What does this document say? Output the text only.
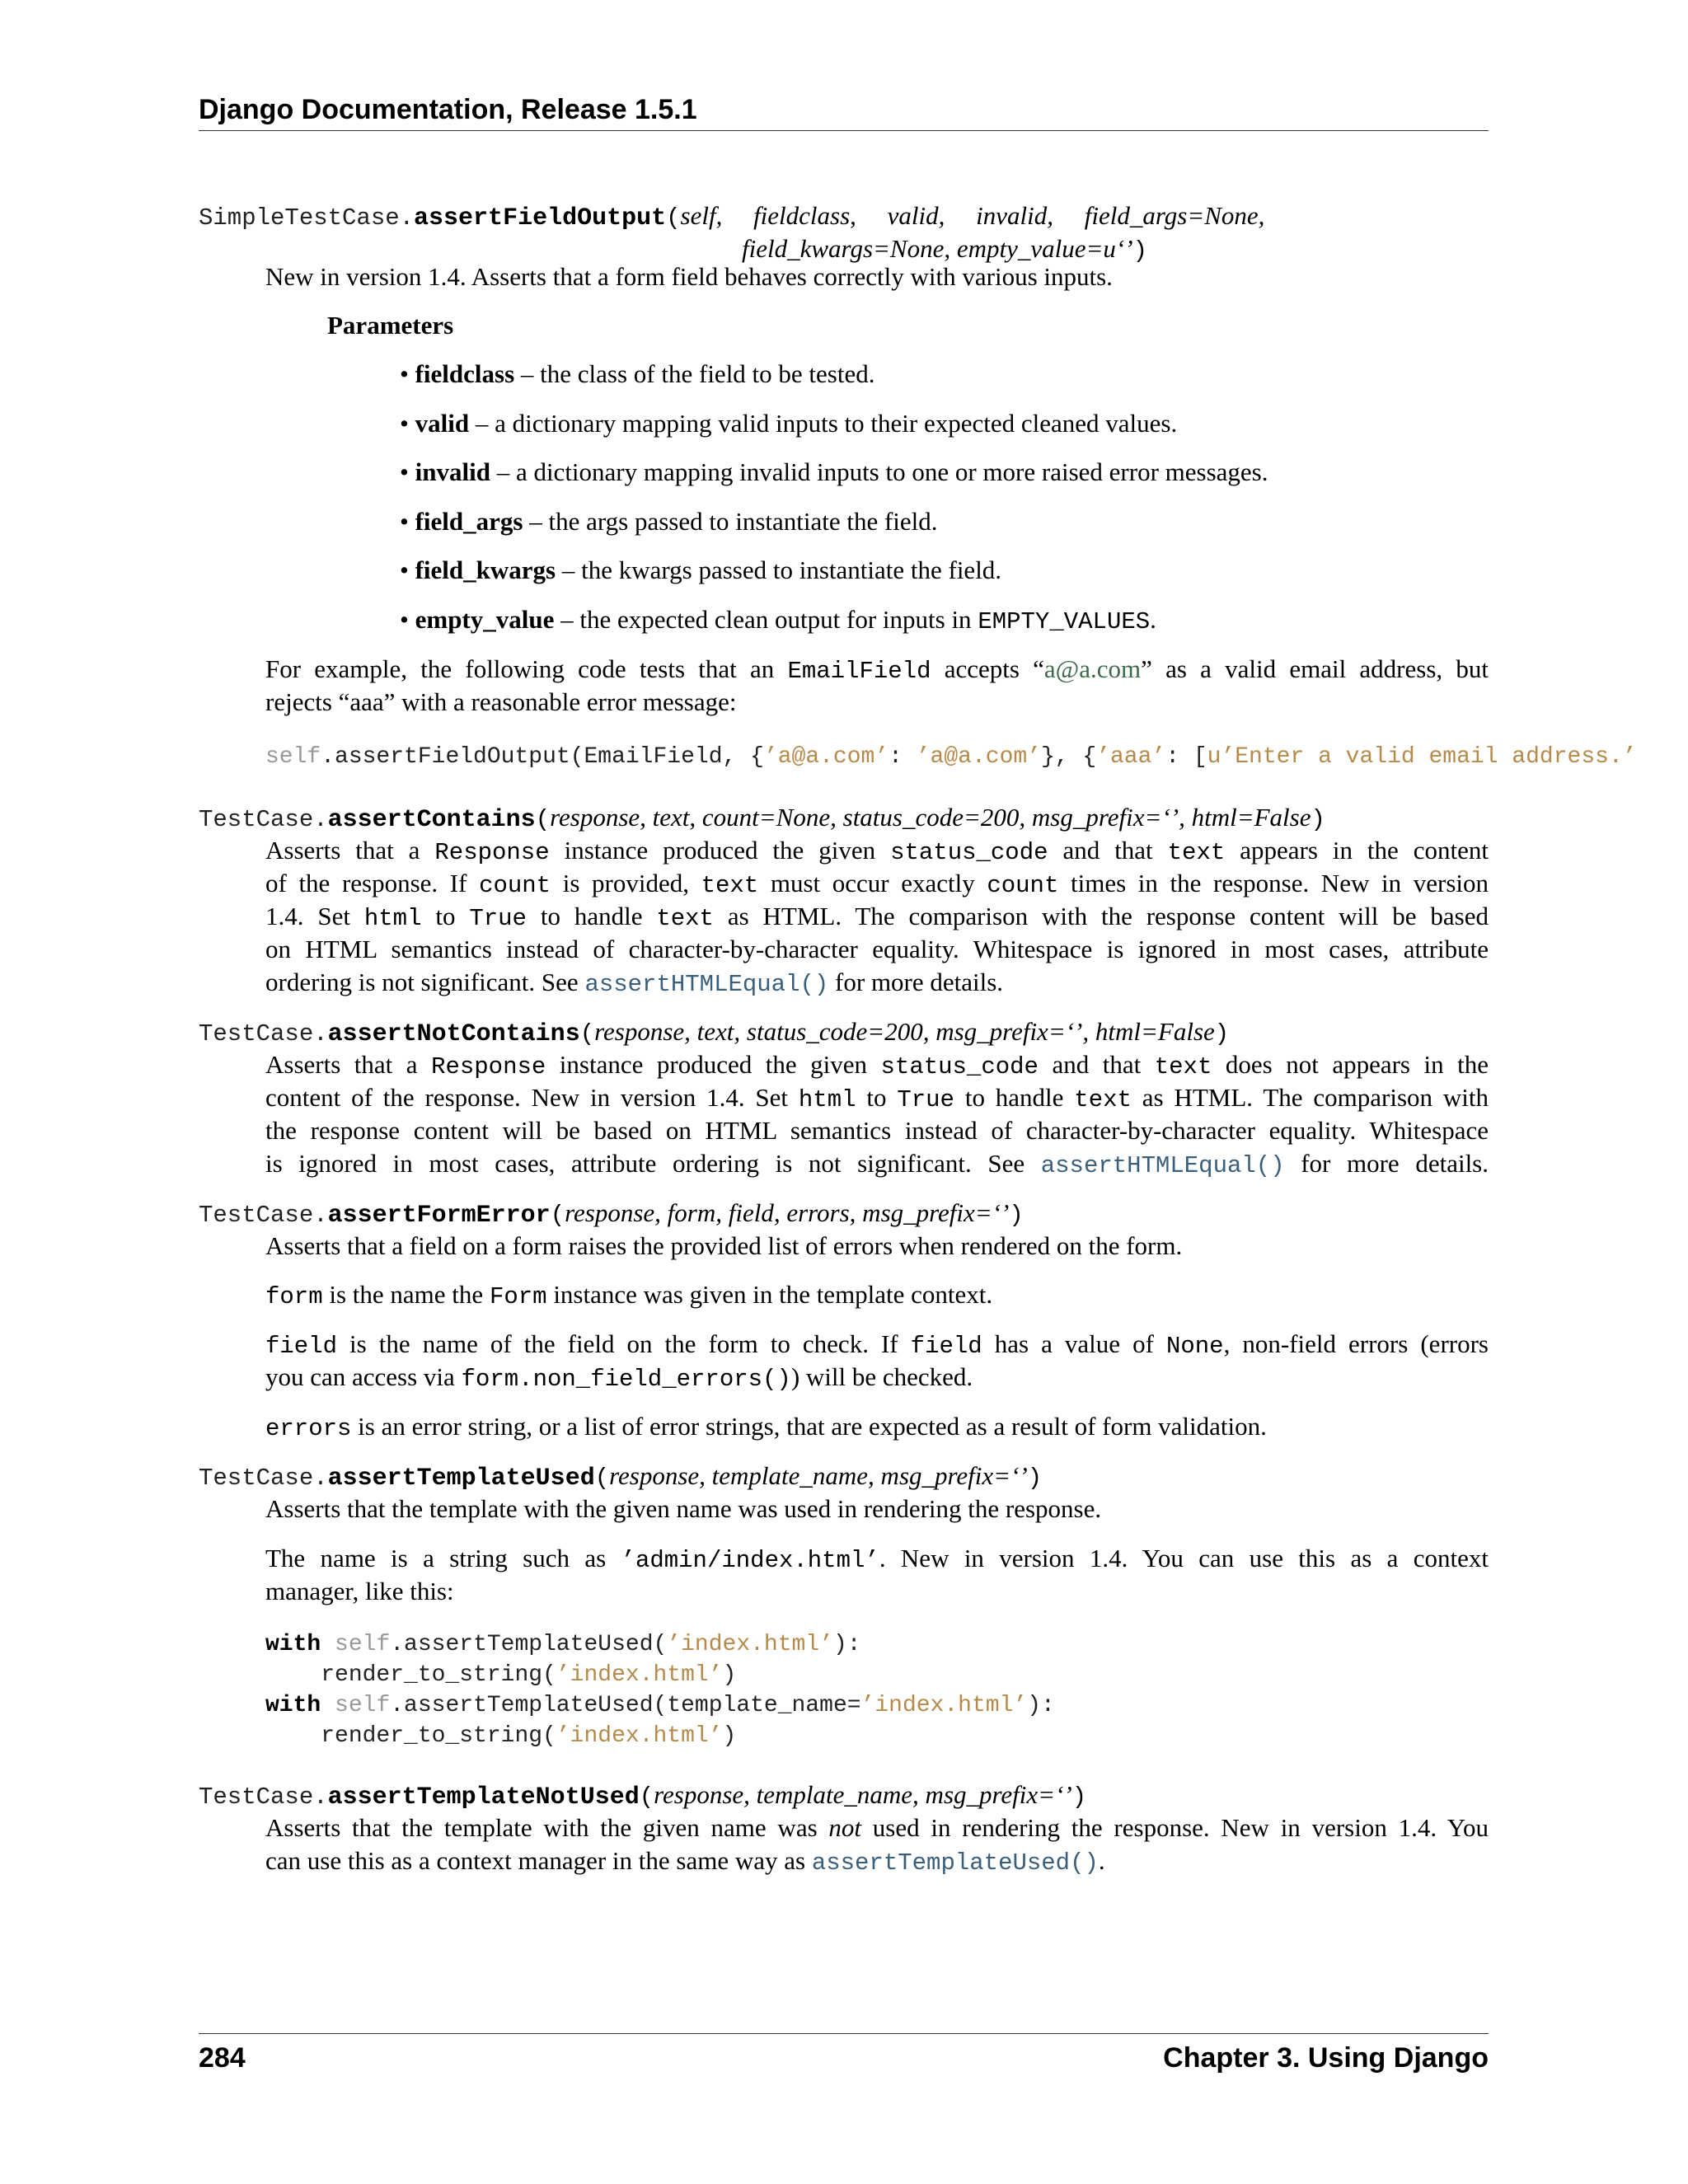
Django Documentation, Release 1.5.1
SimpleTestCase.assertFieldOutput(self, fieldclass, valid, invalid, field_args=None,
field_kwargs=None, empty_value=u‘’)
New in version 1.4. Asserts that a form field behaves correctly with various inputs.
Parameters
• fieldclass – the class of the field to be tested.
• valid – a dictionary mapping valid inputs to their expected cleaned values.
• invalid – a dictionary mapping invalid inputs to one or more raised error messages.
• field_args – the args passed to instantiate the field.
• field_kwargs – the kwargs passed to instantiate the field.
• empty_value – the expected clean output for inputs in EMPTY_VALUES.
For example, the following code tests that an EmailField accepts “a@a.com” as a valid email address, but
rejects “aaa” with a reasonable error message:
self.assertFieldOutput(EmailField, {’a@a.com’: ’a@a.com’}, {’aaa’: [u’Enter a valid email address.’
TestCase.assertContains(response, text, count=None, status_code=200, msg_prefix=‘’, html=False)
Asserts that a Response instance produced the given status_code and that text appears in the content
of the response. If count is provided, text must occur exactly count times in the response. New in version
1.4. Set html to True to handle text as HTML. The comparison with the response content will be based
on HTML semantics instead of character-by-character equality. Whitespace is ignored in most cases, attribute
ordering is not significant. See assertHTMLEqual() for more details.
TestCase.assertNotContains(response, text, status_code=200, msg_prefix=‘’, html=False)
Asserts that a Response instance produced the given status_code and that text does not appears in the
content of the response. New in version 1.4. Set html to True to handle text as HTML. The comparison with
the response content will be based on HTML semantics instead of character-by-character equality. Whitespace
is ignored in most cases, attribute ordering is not significant. See assertHTMLEqual() for more details.
TestCase.assertFormError(response, form, field, errors, msg_prefix=‘’)
Asserts that a field on a form raises the provided list of errors when rendered on the form.
form is the name the Form instance was given in the template context.
field is the name of the field on the form to check. If field has a value of None, non-field errors (errors
you can access via form.non_field_errors()) will be checked.
errors is an error string, or a list of error strings, that are expected as a result of form validation.
TestCase.assertTemplateUsed(response, template_name, msg_prefix=‘’)
Asserts that the template with the given name was used in rendering the response.
The name is a string such as ’admin/index.html’. New in version 1.4. You can use this as a context
manager, like this:
with self.assertTemplateUsed(’index.html’):
render_to_string(’index.html’)
with self.assertTemplateUsed(template_name=’index.html’):
render_to_string(’index.html’)
TestCase.assertTemplateNotUsed(response, template_name, msg_prefix=‘’)
Asserts that the template with the given name was not used in rendering the response. New in version 1.4. You
can use this as a context manager in the same way as assertTemplateUsed().
284	Chapter 3. Using Django
